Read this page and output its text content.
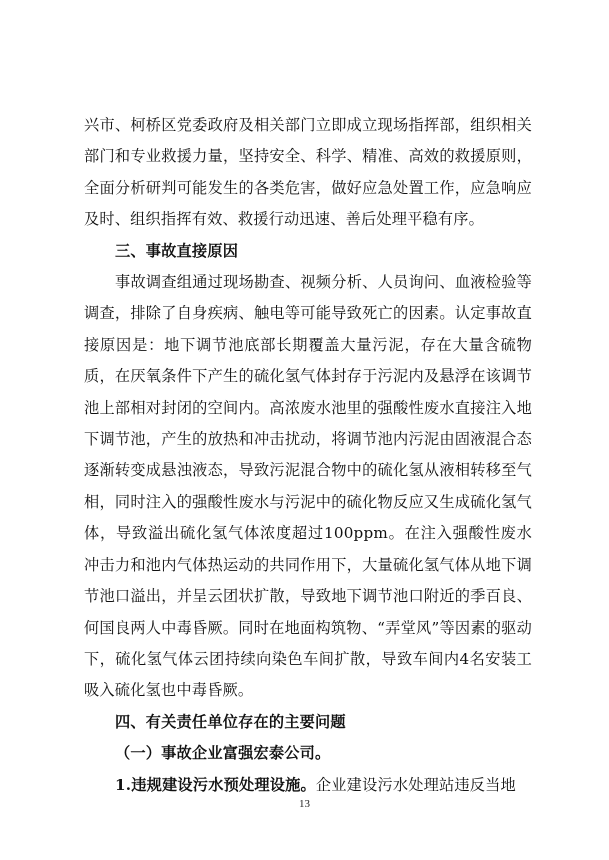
兴市、柯桥区党委政府及相关部门立即成立现场指挥部，组织相关部门和专业救援力量，坚持安全、科学、精准、高效的救援原则，全面分析研判可能发生的各类危害，做好应急处置工作，应急响应及时、组织指挥有效、救援行动迅速、善后处理平稳有序。

三、事故直接原因

事故调查组通过现场勘查、视频分析、人员询问、血液检验等调查，排除了自身疾病、触电等可能导致死亡的因素。认定事故直接原因是：地下调节池底部长期覆盖大量污泥，存在大量含硫物质，在厌氧条件下产生的硫化氢气体封存于污泥内及悬浮在该调节池上部相对封闭的空间内。高浓废水池里的强酸性废水直接注入地下调节池，产生的放热和冲击扰动，将调节池内污泥由固液混合态逐渐转变成悬浊液态，导致污泥混合物中的硫化氢从液相转移至气相，同时注入的强酸性废水与污泥中的硫化物反应又生成硫化氢气体，导致溢出硫化氢气体浓度超过100ppm。在注入强酸性废水冲击力和池内气体热运动的共同作用下，大量硫化氢气体从地下调节池口溢出，并呈云团状扩散，导致地下调节池口附近的季百良、何国良两人中毒昏厥。同时在地面构筑物、“弄堂风”等因素的驱动下，硫化氢气体云团持续向染色车间扩散，导致车间内4名安装工吸入硫化氢也中毒昏厥。

四、有关责任单位存在的主要问题

（一）事故企业富强宏泰公司。

1.违规建设污水预处理设施。企业建设污水处理站违反当地

13
